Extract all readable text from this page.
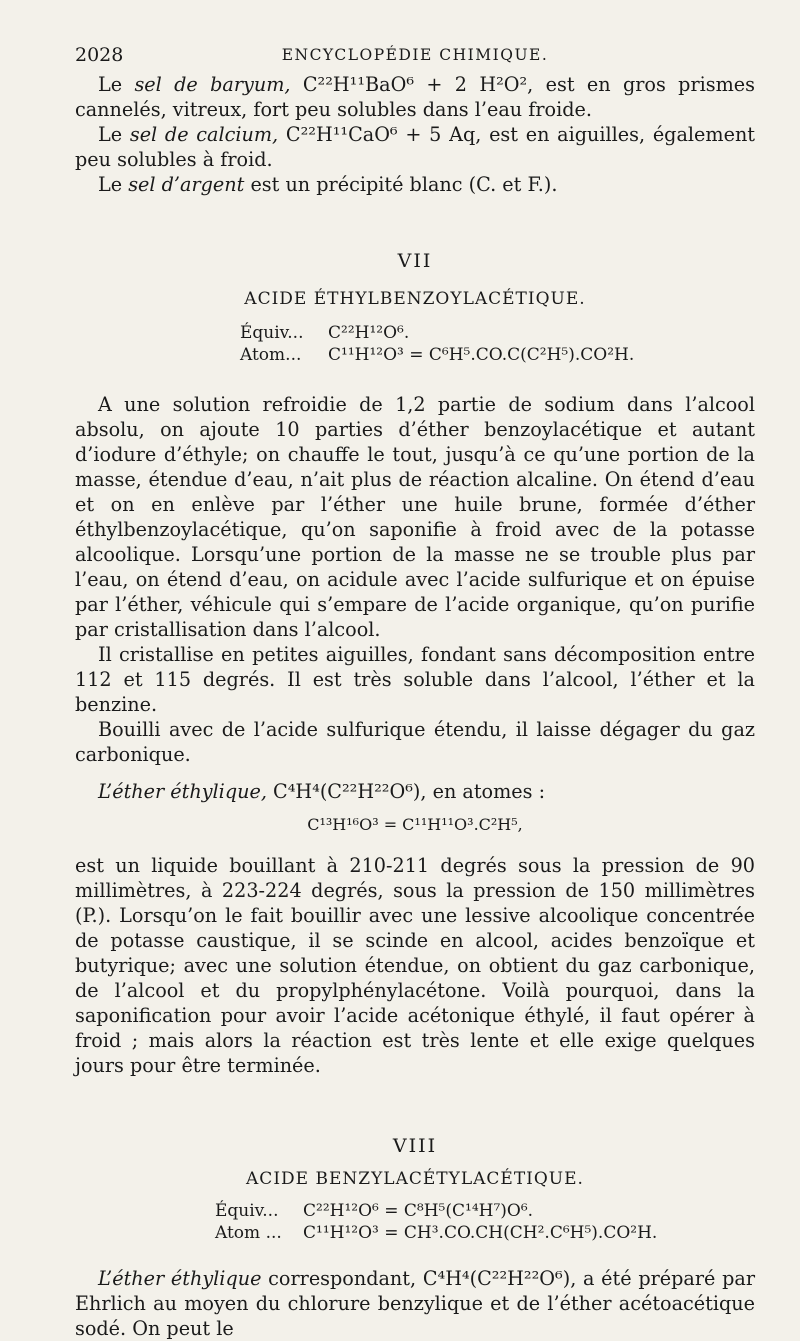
2028	ENCYCLOPÉDIE CHIMIQUE.

Le sel de baryum, C²²H¹¹BaO⁶ + 2 H²O², est en gros prismes cannelés, vitreux, fort peu solubles dans l’eau froide.

Le sel de calcium, C²²H¹¹CaO⁶ + 5 Aq, est en aiguilles, également peu solubles à froid.

Le sel d’argent est un précipité blanc (C. et F.).

VII

ACIDE ÉTHYLBENZOYLACÉTIQUE.

Équiv... C²²H¹²O⁶.
Atom... C¹¹H¹²O³ = C⁶H⁵.CO.C(C²H⁵).CO²H.

A une solution refroidie de 1,2 partie de sodium dans l’alcool absolu, on ajoute 10 parties d’éther benzoylacétique et autant d’iodure d’éthyle; on chauffe le tout, jusqu’à ce qu’une portion de la masse, étendue d’eau, n’ait plus de réaction alcaline. On étend d’eau et on en enlève par l’éther une huile brune, formée d’éther éthylbenzoylacétique, qu’on saponifie à froid avec de la potasse alcoolique. Lorsqu’une portion de la masse ne se trouble plus par l’eau, on étend d’eau, on acidule avec l’acide sulfurique et on épuise par l’éther, véhicule qui s’empare de l’acide organique, qu’on purifie par cristallisation dans l’alcool.

Il cristallise en petites aiguilles, fondant sans décomposition entre 112 et 115 degrés. Il est très soluble dans l’alcool, l’éther et la benzine.

Bouilli avec de l’acide sulfurique étendu, il laisse dégager du gaz carbonique.

L’éther éthylique, C⁴H⁴(C²²H²²O⁶), en atomes :

C¹³H¹⁶O³ = C¹¹H¹¹O³.C²H⁵,

est un liquide bouillant à 210-211 degrés sous la pression de 90 millimètres, à 223-224 degrés, sous la pression de 150 millimètres (P.). Lorsqu’on le fait bouillir avec une lessive alcoolique concentrée de potasse caustique, il se scinde en alcool, acides benzoïque et butyrique; avec une solution étendue, on obtient du gaz carbonique, de l’alcool et du propylphénylacétone. Voilà pourquoi, dans la saponification pour avoir l’acide acétonique éthylé, il faut opérer à froid ; mais alors la réaction est très lente et elle exige quelques jours pour être terminée.

VIII

ACIDE BENZYLACÉTYLACÉTIQUE.

Équiv... C²²H¹²O⁶ = C⁸H⁵(C¹⁴H⁷)O⁶.
Atom ... C¹¹H¹²O³ = CH³.CO.CH(CH².C⁶H⁵).CO²H.

L’éther éthylique correspondant, C⁴H⁴(C²²H²²O⁶), a été préparé par Ehrlich au moyen du chlorure benzylique et de l’éther acétoacétique sodé. On peut le
